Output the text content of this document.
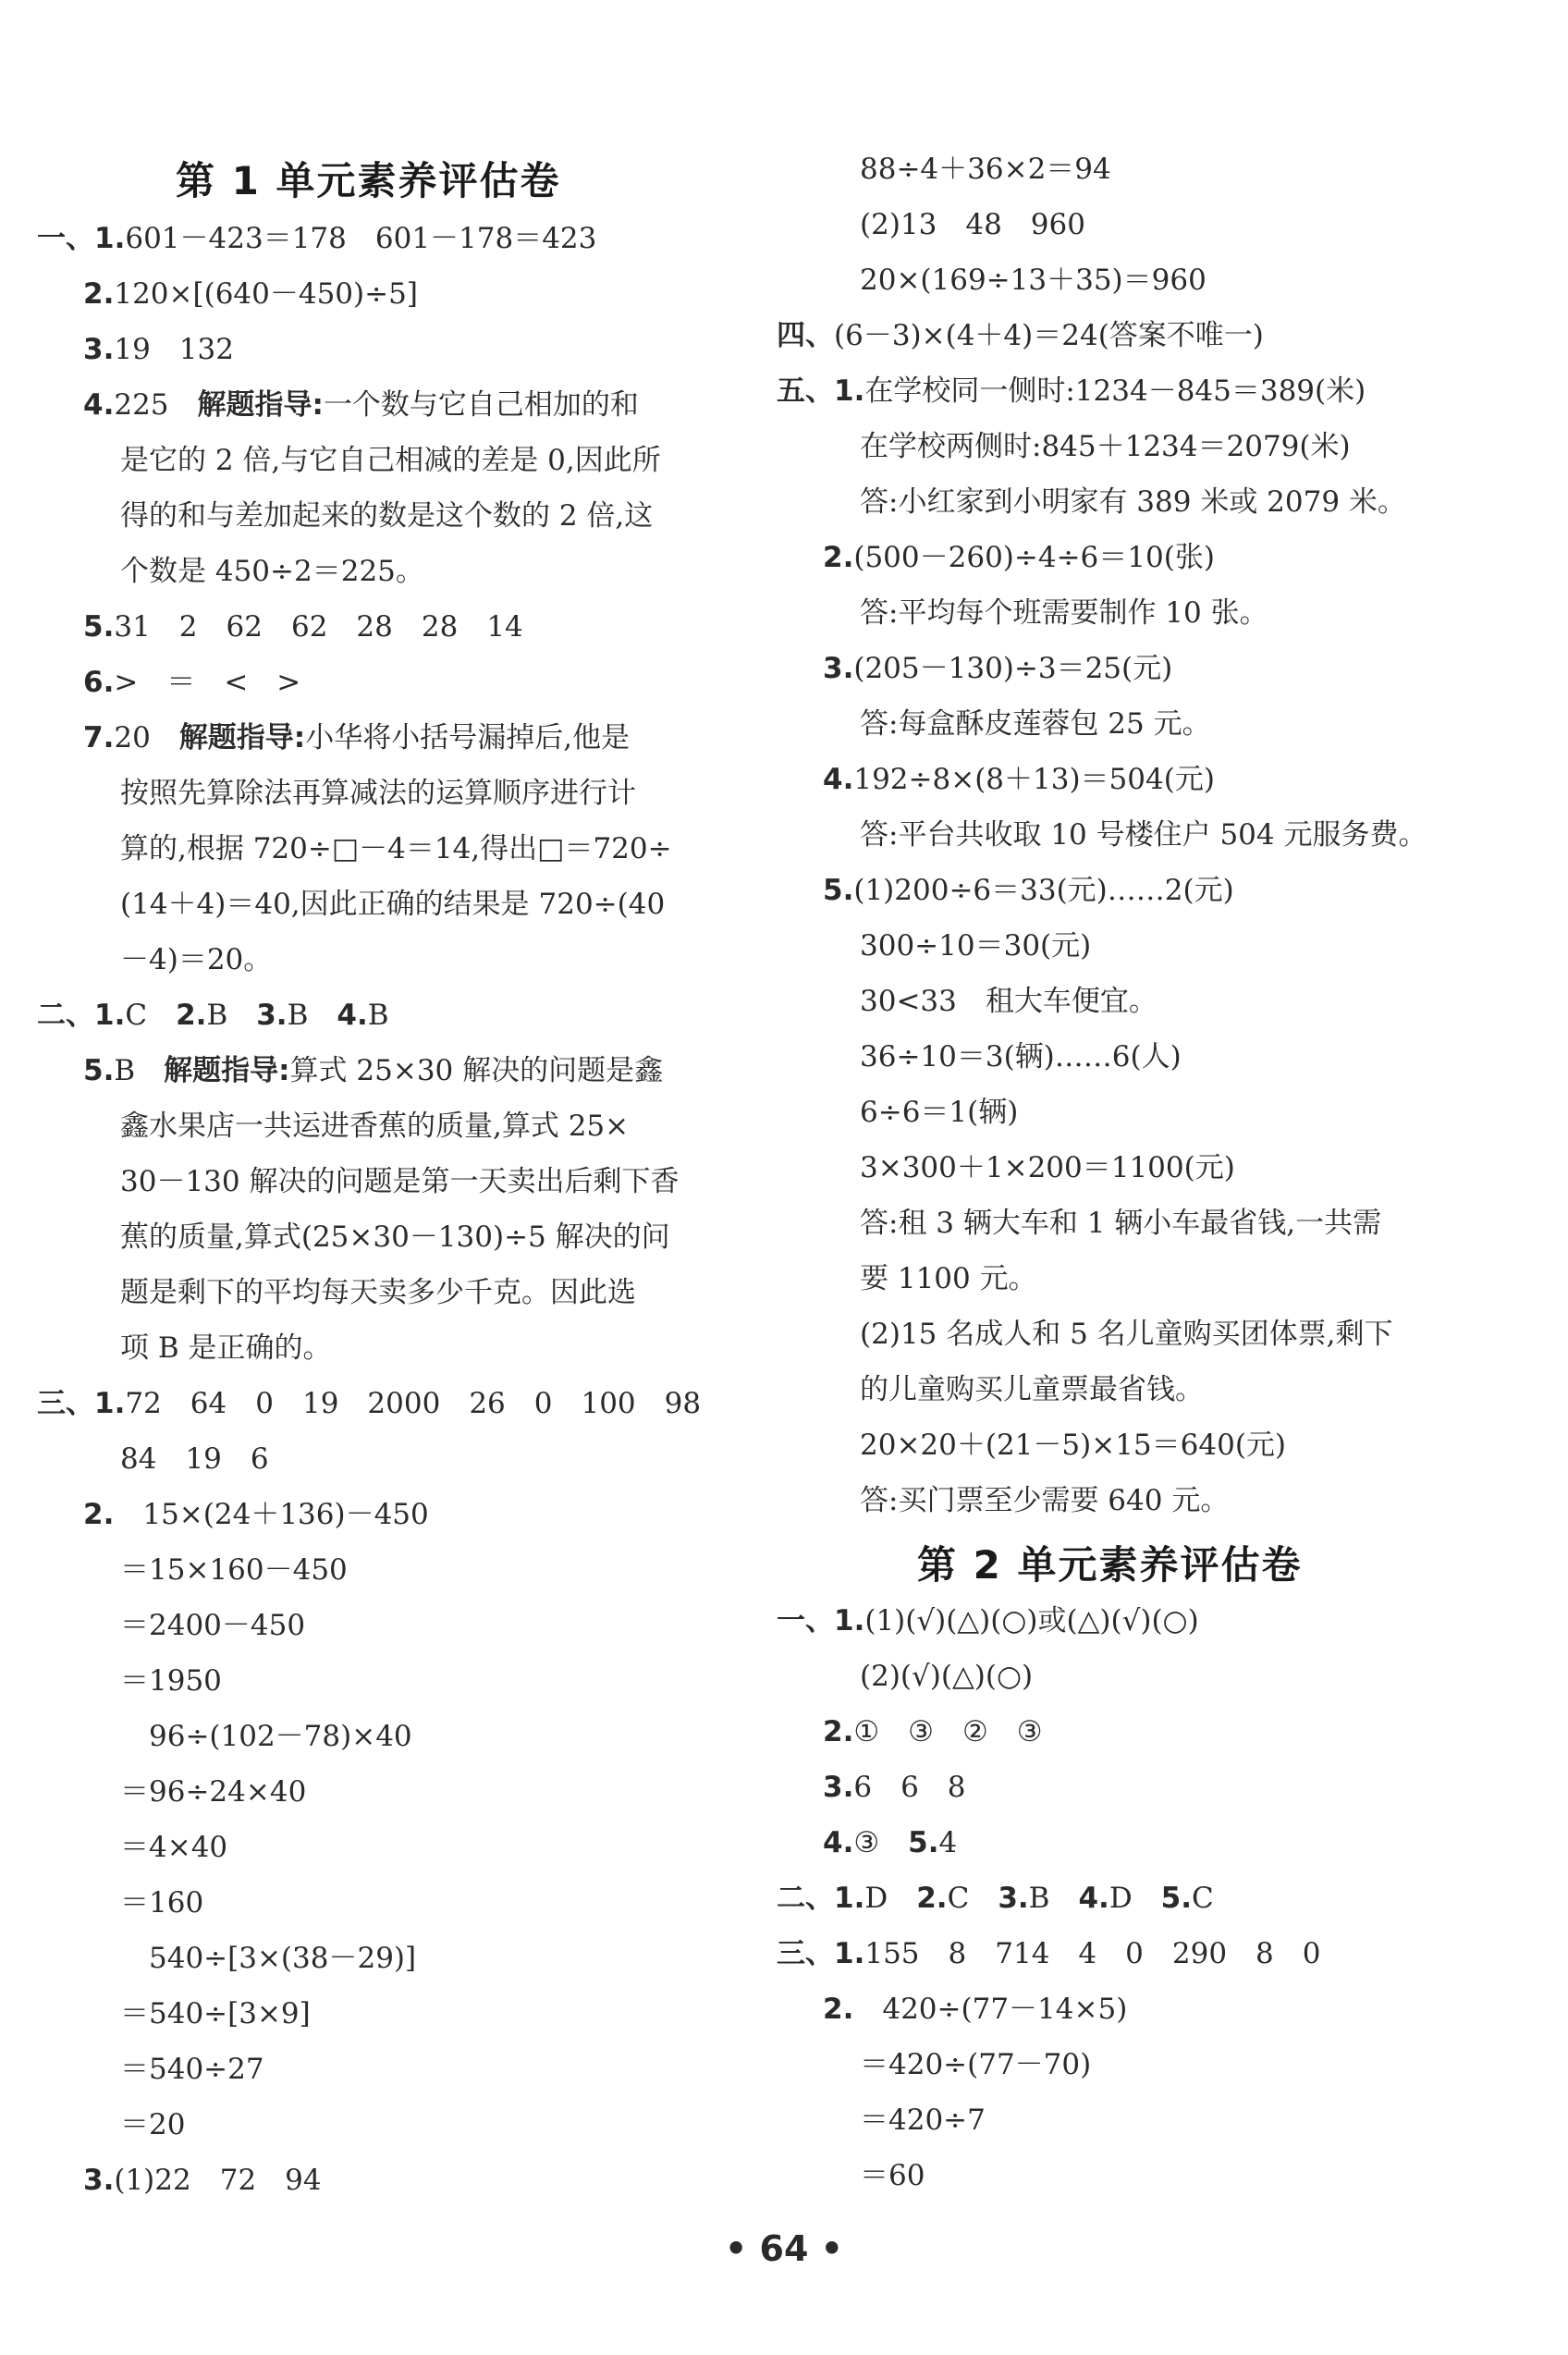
第 1 单元素养评估卷
一、1.601－423＝178　601－178＝423
2.120×[(640－450)÷5]
3.19　132
4.225　解题指导:一个数与它自己相加的和
是它的 2 倍,与它自己相减的差是 0,因此所
得的和与差加起来的数是这个数的 2 倍,这
个数是 450÷2＝225。
5.31　2　62　62　28　28　14
6.>　＝　<　>
7.20　解题指导:小华将小括号漏掉后,他是
按照先算除法再算减法的运算顺序进行计
算的,根据 720÷□－4＝14,得出□＝720÷
(14＋4)＝40,因此正确的结果是 720÷(40
－4)＝20。
二、1.C　2.B　3.B　4.B
5.B　解题指导:算式 25×30 解决的问题是鑫
鑫水果店一共运进香蕉的质量,算式 25×
30－130 解决的问题是第一天卖出后剩下香
蕉的质量,算式(25×30－130)÷5 解决的问
题是剩下的平均每天卖多少千克。因此选
项 B 是正确的。
三、1.72　64　0　19　2000　26　0　100　98
84　19　6
2.　15×(24＋136)－450
＝15×160－450
＝2400－450
＝1950
　96÷(102－78)×40
＝96÷24×40
＝4×40
＝160
　540÷[3×(38－29)]
＝540÷[3×9]
＝540÷27
＝20
3.(1)22　72　94
88÷4＋36×2＝94
(2)13　48　960
20×(169÷13＋35)＝960
四、(6－3)×(4＋4)＝24(答案不唯一)
五、1.在学校同一侧时:1234－845＝389(米)
在学校两侧时:845＋1234＝2079(米)
答:小红家到小明家有 389 米或 2079 米。
2.(500－260)÷4÷6＝10(张)
答:平均每个班需要制作 10 张。
3.(205－130)÷3＝25(元)
答:每盒酥皮莲蓉包 25 元。
4.192÷8×(8＋13)＝504(元)
答:平台共收取 10 号楼住户 504 元服务费。
5.(1)200÷6＝33(元)……2(元)
300÷10＝30(元)
30<33　租大车便宜。
36÷10＝3(辆)……6(人)
6÷6＝1(辆)
3×300＋1×200＝1100(元)
答:租 3 辆大车和 1 辆小车最省钱,一共需
要 1100 元。
(2)15 名成人和 5 名儿童购买团体票,剩下
的儿童购买儿童票最省钱。
20×20＋(21－5)×15＝640(元)
答:买门票至少需要 640 元。
一、1.(1)(√)(△)(○)或(△)(√)(○)
(2)(√)(△)(○)
2.①　③　②　③
3.6　6　8
4.③　5.4
二、1.D　2.C　3.B　4.D　5.C
三、1.155　8　714　4　0　290　8　0
2.　420÷(77－14×5)
＝420÷(77－70)
＝420÷7
＝60
第 2 单元素养评估卷
• 64 •
